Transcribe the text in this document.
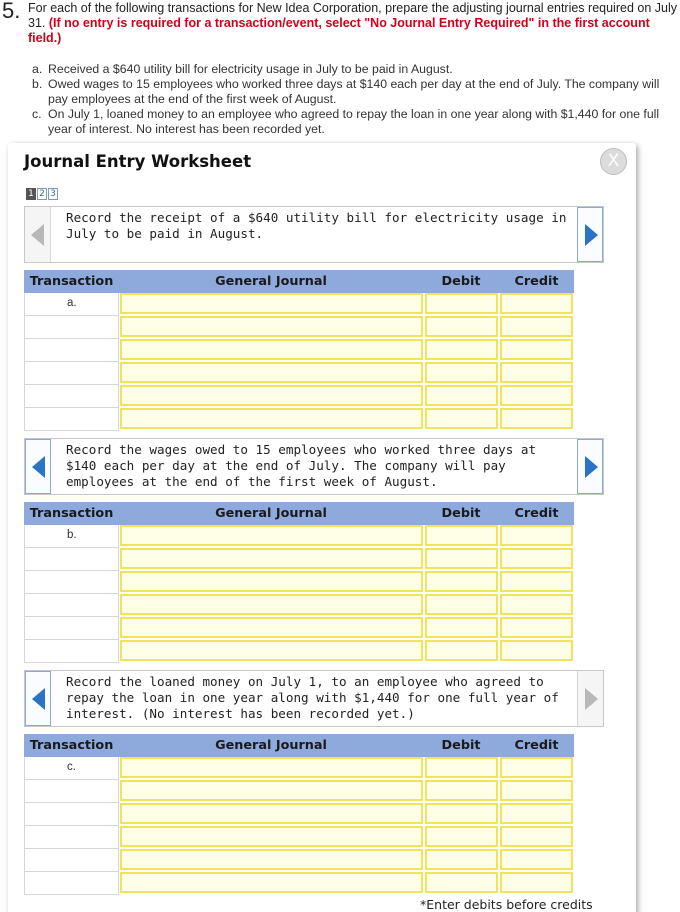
5. For each of the following transactions for New Idea Corporation, prepare the adjusting journal entries required on July 31. (If no entry is required for a transaction/event, select "No Journal Entry Required" in the first account field.)
a. Received a $640 utility bill for electricity usage in July to be paid in August.
b. Owed wages to 15 employees who worked three days at $140 each per day at the end of July. The company will pay employees at the end of the first week of August.
c. On July 1, loaned money to an employee who agreed to repay the loan in one year along with $1,440 for one full year of interest. No interest has been recorded yet.
Journal Entry Worksheet	X
1 2 3
Record the receipt of a $640 utility bill for electricity usage in July to be paid in August.
Transaction	General Journal	Debit	Credit
a.
Record the wages owed to 15 employees who worked three days at $140 each per day at the end of July. The company will pay employees at the end of the first week of August.
Transaction	General Journal	Debit	Credit
b.
Record the loaned money on July 1, to an employee who agreed to repay the loan in one year along with $1,440 for one full year of interest. (No interest has been recorded yet.)
Transaction	General Journal	Debit	Credit
c.
*Enter debits before credits
